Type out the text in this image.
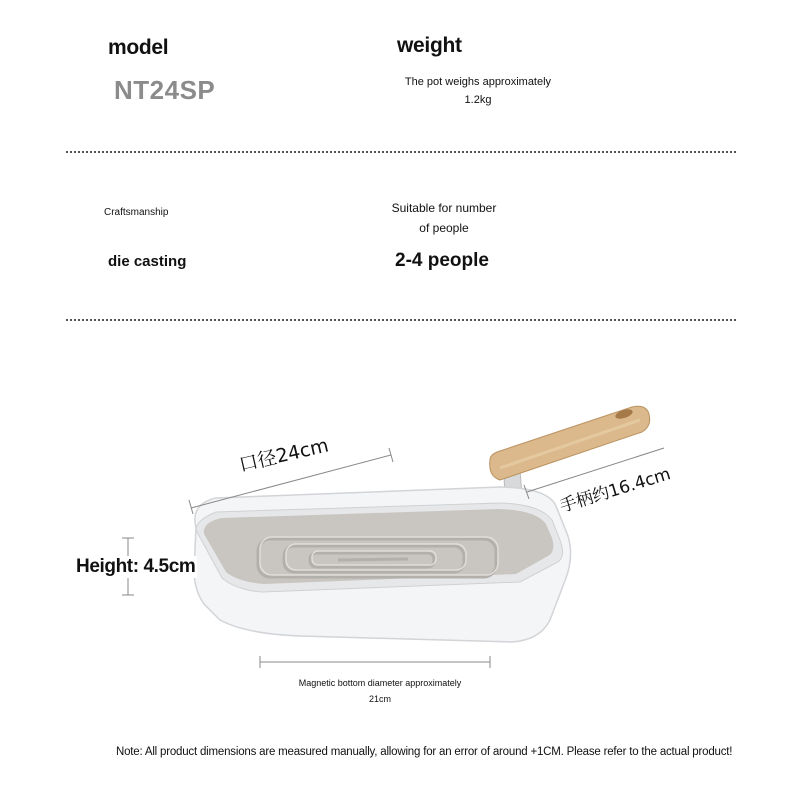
model
NT24SP
weight
The pot weighs approximately
1.2kg
Craftsmanship
die casting
Suitable for number
of people
2-4 people
口径24cm
手柄约16.4cm
Height: 4.5cm
Magnetic bottom diameter approximately
21cm
Note: All product dimensions are measured manually, allowing for an error of around +1CM. Please refer to the actual product!
